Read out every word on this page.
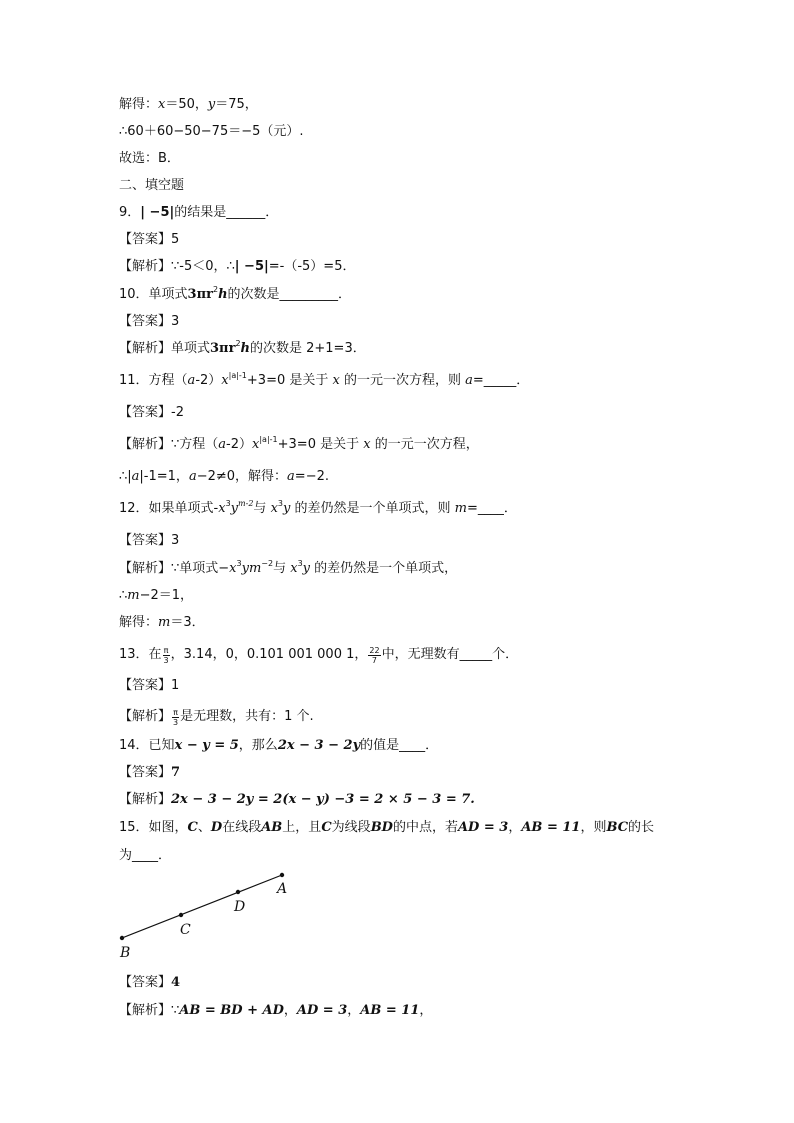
解得：x＝50，y＝75，
∴60＋60−50−75＝−5（元）.
故选：B．
二、填空题
9．| −5|的结果是______．
【答案】5
【解析】∵-5＜0，∴| −5|=-（-5）=5．
10．单项式$3\pi r^2h$的次数是_________．
【答案】3
【解析】单项式$3\pi r^2h$的次数是 2+1=3．
11．方程$(a-2)x^{|a|-1}+3=0$ 是关于 x 的一元一次方程，则 a=_____．
【答案】-2
【解析】∵方程$(a-2)x^{|a|-1}+3=0$ 是关于 x 的一元一次方程，
∴|a|-1=1，a−2≠0，解得：a=−2.
12．如果单项式$-x^3y^{m-2}$与 $x^3y$ 的差仍然是一个单项式，则 m=____．
【答案】3
【解析】∵单项式$-x^3ym^{-2}$与 $x^3y$ 的差仍然是一个单项式，
∴m−2＝1，
解得：m＝3．
13．在 $\frac{\pi}{3}$ ，3.14，0，0.101 001 000 1， $\frac{22}{7}$ 中，无理数有_____个．
【答案】1
【解析】 $\frac{\pi}{3}$ 是无理数，共有：1 个.
14．已知x − y = 5，那么2x − 3 − 2y的值是____．
【答案】7
【解析】2x − 3 − 2y = 2(x − y) −3 = 2 × 5 − 3 = 7.
15．如图，C、D在线段AB上，且C为线段BD的中点，若AD = 3，AB = 11，则BC的长
为____．
B
C
D
A
【答案】4
【解析】∵AB = BD + AD，AD = 3，AB = 11，
